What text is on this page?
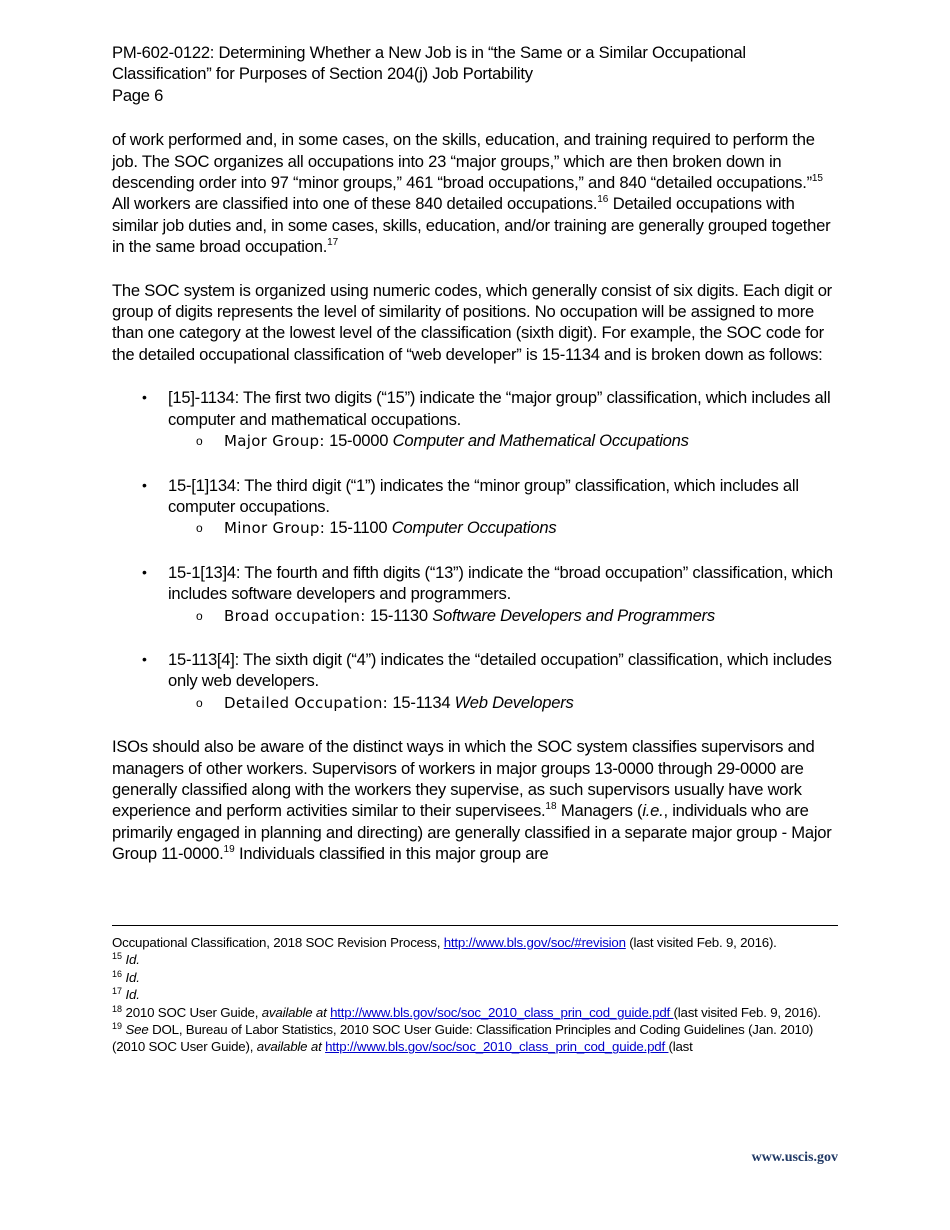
PM-602-0122: Determining Whether a New Job is in “the Same or a Similar Occupational
Classification” for Purposes of Section 204(j) Job Portability
Page 6

of work performed and, in some cases, on the skills, education, and training required to perform the job. The SOC organizes all occupations into 23 “major groups,” which are then broken down in descending order into 97 “minor groups,” 461 “broad occupations,” and 840 “detailed occupations.”$^{15}$ All workers are classified into one of these 840 detailed occupations.$^{16}$ Detailed occupations with similar job duties and, in some cases, skills, education, and/or training are generally grouped together in the same broad occupation.$^{17}$

The SOC system is organized using numeric codes, which generally consist of six digits. Each digit or group of digits represents the level of similarity of positions. No occupation will be assigned to more than one category at the lowest level of the classification (sixth digit). For example, the SOC code for the detailed occupational classification of “web developer” is 15-1134 and is broken down as follows:

• [15]-1134: The first two digits (“15”) indicate the “major group” classification, which includes all computer and mathematical occupations.
o Major Group: 15-0000 Computer and Mathematical Occupations
• 15-[1]134: The third digit (“1”) indicates the “minor group” classification, which includes all computer occupations.
o Minor Group: 15-1100 Computer Occupations
• 15-1[13]4: The fourth and fifth digits (“13”) indicate the “broad occupation” classification, which includes software developers and programmers.
o Broad occupation: 15-1130 Software Developers and Programmers
• 15-113[4]: The sixth digit (“4”) indicates the “detailed occupation” classification, which includes only web developers.
o Detailed Occupation: 15-1134 Web Developers

ISOs should also be aware of the distinct ways in which the SOC system classifies supervisors and managers of other workers. Supervisors of workers in major groups 13-0000 through 29-0000 are generally classified along with the workers they supervise, as such supervisors usually have work experience and perform activities similar to their supervisees.$^{18}$ Managers (i.e., individuals who are primarily engaged in planning and directing) are generally classified in a separate major group - Major Group 11-0000.19 Individuals classified in this major group are

Occupational Classification, 2018 SOC Revision Process, http://www.bls.gov/soc/#revision (last visited Feb. 9, 2016).
$^{15}$ Id.
$^{16}$ Id.
$^{17}$ Id.
$^{18}$ 2010 SOC User Guide, available at http://www.bls.gov/soc/soc_2010_class_prin_cod_guide.pdf (last visited Feb. 9, 2016).
$^{19}$ See DOL, Bureau of Labor Statistics, 2010 SOC User Guide: Classification Principles and Coding Guidelines (Jan. 2010) (2010 SOC User Guide), available at http://www.bls.gov/soc/soc_2010_class_prin_cod_guide.pdf (last
www.uscis.gov
